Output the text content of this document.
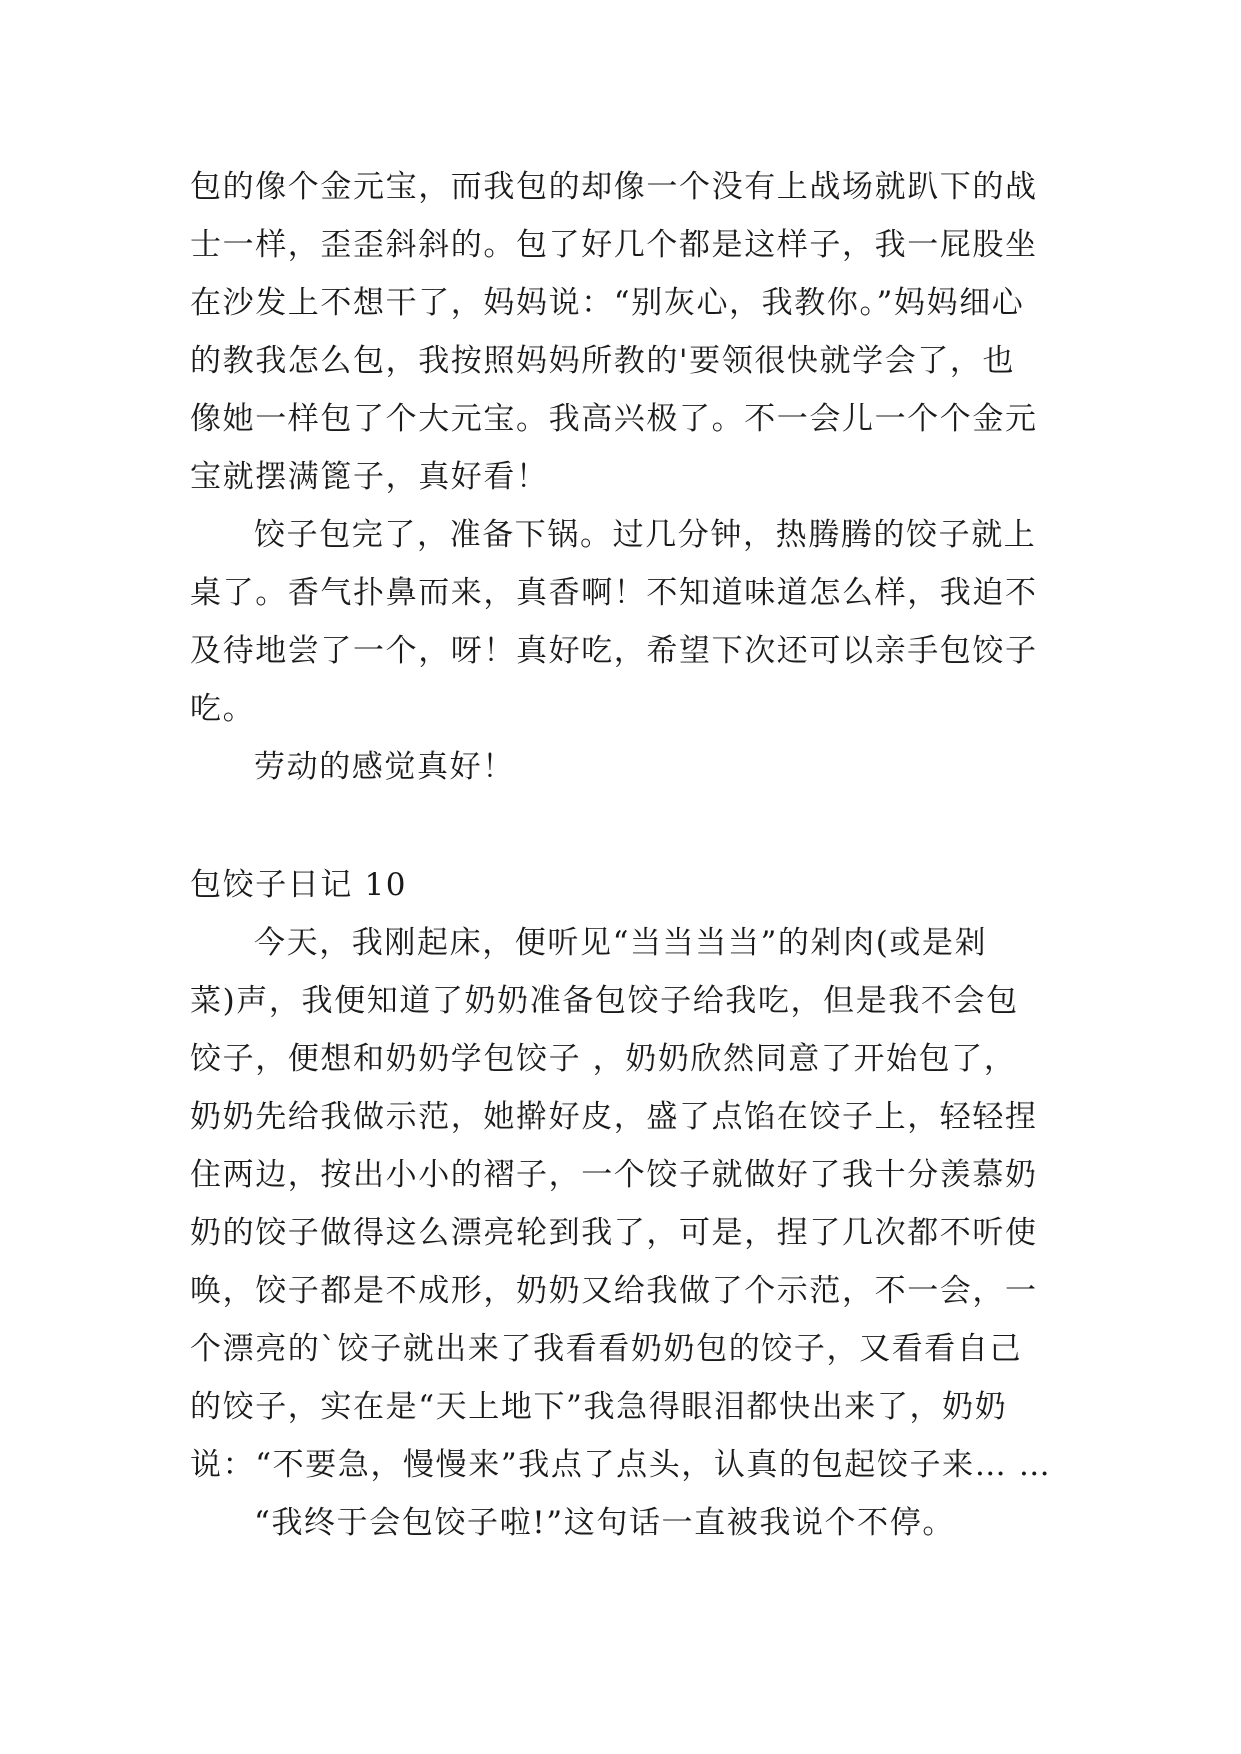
包的像个金元宝，而我包的却像一个没有上战场就趴下的战
士一样，歪歪斜斜的。包了好几个都是这样子，我一屁股坐
在沙发上不想干了，妈妈说：“别灰心，我教你。”妈妈细心
的教我怎么包，我按照妈妈所教的'要领很快就学会了，也
像她一样包了个大元宝。我高兴极了。不一会儿一个个金元
宝就摆满篦子，真好看！
饺子包完了，准备下锅。过几分钟，热腾腾的饺子就上
桌了。香气扑鼻而来，真香啊！不知道味道怎么样，我迫不
及待地尝了一个，呀！真好吃，希望下次还可以亲手包饺子
吃。
劳动的感觉真好！
包饺子日记 10
今天，我刚起床，便听见“当当当当”的剁肉(或是剁
菜)声，我便知道了奶奶准备包饺子给我吃，但是我不会包
饺子，便想和奶奶学包饺子 ，奶奶欣然同意了开始包了，
奶奶先给我做示范，她擀好皮，盛了点馅在饺子上，轻轻捏
住两边，按出小小的褶子，一个饺子就做好了我十分羡慕奶
奶的饺子做得这么漂亮轮到我了，可是，捏了几次都不听使
唤，饺子都是不成形，奶奶又给我做了个示范，不一会，一
个漂亮的`饺子就出来了我看看奶奶包的饺子，又看看自己
的饺子，实在是“天上地下”我急得眼泪都快出来了，奶奶
说：“不要急，慢慢来”我点了点头，认真的包起饺子来… …
“我终于会包饺子啦!”这句话一直被我说个不停。
